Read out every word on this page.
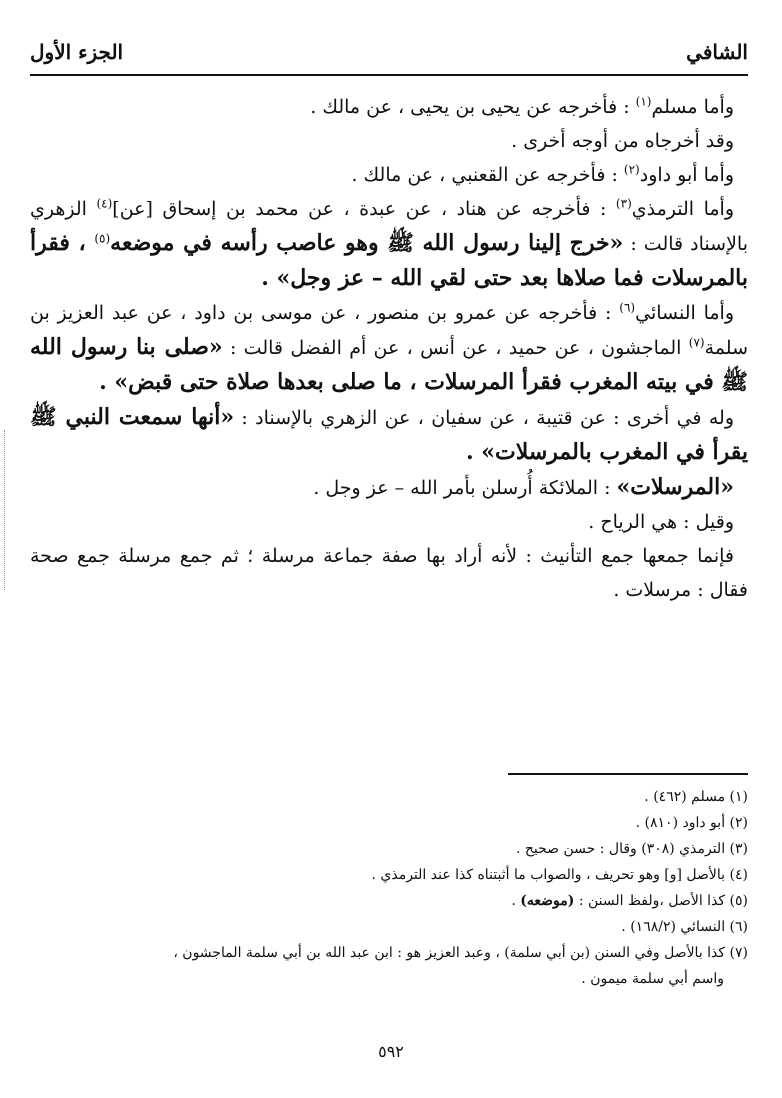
الشافي
الجزء الأول

وأما مسلم$^{(١)}$ : فأخرجه عن يحيى بن يحيى ، عن مالك .

وقد أخرجاه من أوجه أخرى .

وأما أبو داود$^{(٢)}$ : فأخرجه عن القعنبي ، عن مالك .

وأما الترمذي$^{(٣)}$ : فأخرجه عن هناد ، عن عبدة ، عن محمد بن إسحاق [عن]$^{(٤)}$ الزهري بالإسناد قالت : «خرج إلينا رسول الله ﷺ وهو عاصب رأسه في موضعه$^{(٥)}$ ، فقرأ بالمرسلات فما صلاها بعد حتى لقي الله – عز وجل» .

وأما النسائي$^{(٦)}$ : فأخرجه عن عمرو بن منصور ، عن موسى بن داود ، عن عبد العزيز بن سلمة$^{(٧)}$ الماجشون ، عن حميد ، عن أنس ، عن أم الفضل قالت : «صلى بنا رسول الله ﷺ في بيته المغرب فقرأ المرسلات ، ما صلى بعدها صلاة حتى قبض» .

وله في أخرى : عن قتيبة ، عن سفيان ، عن الزهري بالإسناد : «أنها سمعت النبي ﷺ يقرأ في المغرب بالمرسلات» .

«المرسلات» : الملائكة أُرسلن بأمر الله – عز وجل .

وقيل : هي الرياح .

فإنما جمعها جمع التأنيث : لأنه أراد بها صفة جماعة مرسلة ؛ ثم جمع مرسلة جمع صحة فقال : مرسلات .

(١) مسلم (٤٦٢) .

(٢) أبو داود (٨١٠) .

(٣) الترمذي (٣٠٨) وقال : حسن صحيح .

(٤) بالأصل [و] وهو تحريف ، والصواب ما أثبتناه كذا عند الترمذي .

(٥) كذا الأصل ،ولفظ السنن : (موضعه) .

(٦) النسائي (١٦٨/٢) .

(٧) كذا بالأصل وفي السنن (بن أبي سلمة) ، وعبد العزيز هو : ابن عبد الله بن أبي سلمة الماجشون ،

واسم أبي سلمة ميمون .

٥٩٢
